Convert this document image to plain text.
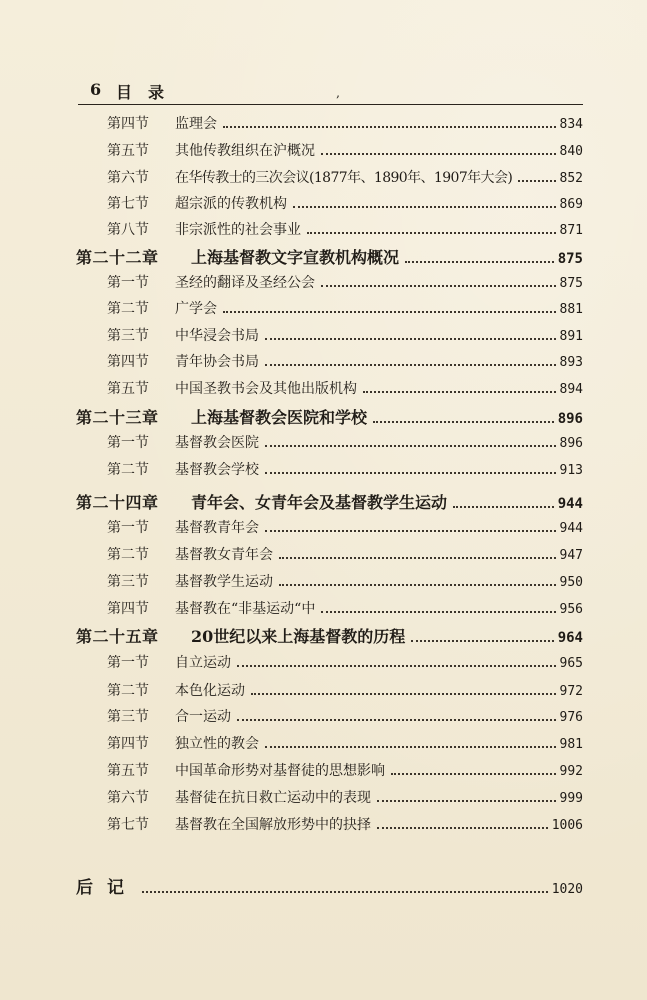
6 目录	‚
第四节	监理会	834
第五节	其他传教组织在沪概况	840
第六节	在华传教士的三次会议(1877年、1890年、1907年大会)	852
第七节	超宗派的传教机构	869
第八节	非宗派性的社会事业	871
第二十二章	上海基督教文字宣教机构概况	875
第一节	圣经的翻译及圣经公会	875
第二节	广学会	881
第三节	中华浸会书局	891
第四节	青年协会书局	893
第五节	中国圣教书会及其他出版机构	894
第二十三章	上海基督教会医院和学校	896
第一节	基督教会医院	896
第二节	基督教会学校	913
第二十四章	青年会、女青年会及基督教学生运动	944
第一节	基督教青年会	944
第二节	基督教女青年会	947
第三节	基督教学生运动	950
第四节	基督教在“非基运动“中	956
第二十五章	20世纪以来上海基督教的历程	964
第一节	自立运动	965
第二节	本色化运动	972
第三节	合一运动	976
第四节	独立性的教会	981
第五节	中国革命形势对基督徒的思想影响	992
第六节	基督徒在抗日救亡运动中的表现	999
第七节	基督教在全国解放形势中的抉择	1006
后记	1020
